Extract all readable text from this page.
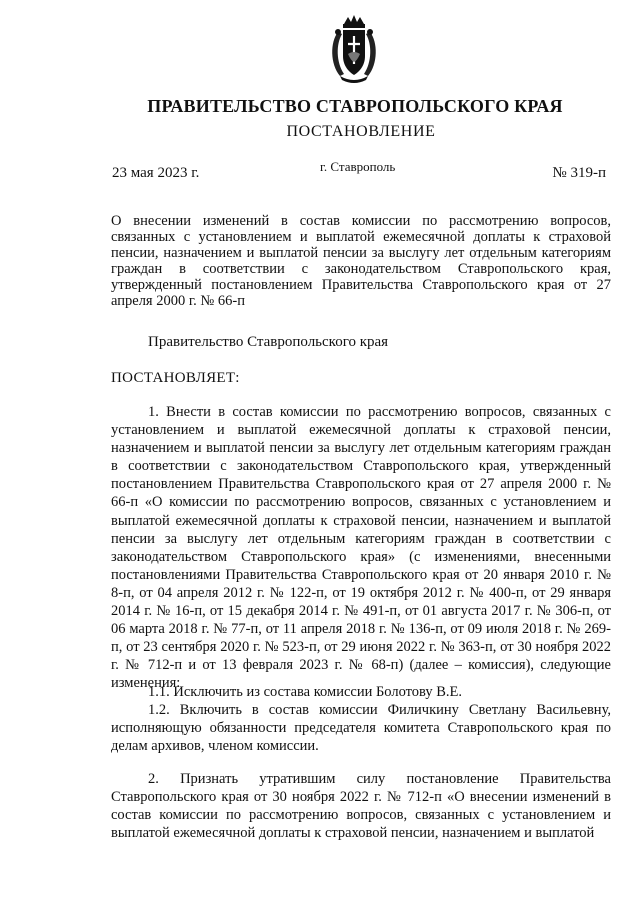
ПРАВИТЕЛЬСТВО СТАВРОПОЛЬСКОГО КРАЯ
ПОСТАНОВЛЕНИЕ
23 мая 2023 г.	г. Ставрополь	№ 319-п
О внесении изменений в состав комиссии по рассмотрению вопросов, связанных с установлением и выплатой ежемесячной доплаты к страховой пенсии, назначением и выплатой пенсии за выслугу лет отдельным категориям граждан в соответствии с законодательством Ставропольского края, утвержденный постановлением Правительства Ставропольского края от 27 апреля 2000 г. № 66-п
Правительство Ставропольского края
ПОСТАНОВЛЯЕТ:

1. Внести в состав комиссии по рассмотрению вопросов, связанных с установлением и выплатой ежемесячной доплаты к страховой пенсии, назначением и выплатой пенсии за выслугу лет отдельным категориям граждан в соответствии с законодательством Ставропольского края, утвержденный постановлением Правительства Ставропольского края от 27 апреля 2000 г. № 66-п «О комиссии по рассмотрению вопросов, связанных с установлением и выплатой ежемесячной доплаты к страховой пенсии, назначением и выплатой пенсии за выслугу лет отдельным категориям граждан в соответствии с законодательством Ставропольского края» (с изменениями, внесенными постановлениями Правительства Ставропольского края от 20 января 2010 г. № 8-п, от 04 апреля 2012 г. № 122-п, от 19 октября 2012 г. № 400-п, от 29 января 2014 г. № 16-п, от 15 декабря 2014 г. № 491-п, от 01 августа 2017 г. № 306-п, от 06 марта 2018 г. № 77-п, от 11 апреля 2018 г. № 136-п, от 09 июля 2018 г. № 269-п, от 23 сентября 2020 г. № 523-п, от 29 июня 2022 г. № 363-п, от 30 ноября 2022 г. № 712-п и от 13 февраля 2023 г. № 68-п) (далее – комиссия), следующие изменения:

1.1. Исключить из состава комиссии Болотову В.Е.

1.2. Включить в состав комиссии Филичкину Светлану Васильевну, исполняющую обязанности председателя комитета Ставропольского края по делам архивов, членом комиссии.

2. Признать утратившим силу постановление Правительства Ставропольского края от 30 ноября 2022 г. № 712-п «О внесении изменений в состав комиссии по рассмотрению вопросов, связанных с установлением и выплатой ежемесячной доплаты к страховой пенсии, назначением и выплатой
